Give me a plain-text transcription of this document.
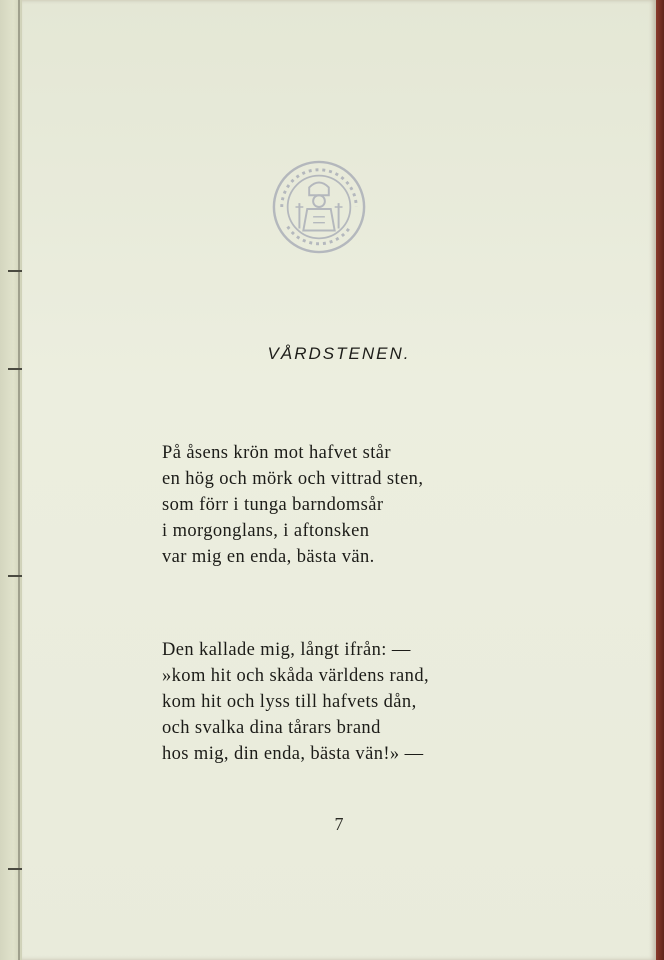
VÅRDSTENEN.
På åsens krön mot hafvet står
en hög och mörk och vittrad sten,
som förr i tunga barndomsår
i morgonglans, i aftonsken
var mig en enda, bästa vän.
Den kallade mig, långt ifrån: —
»kom hit och skåda världens rand,
kom hit och lyss till hafvets dån,
och svalka dina tårars brand
hos mig, din enda, bästa vän!» —
7
